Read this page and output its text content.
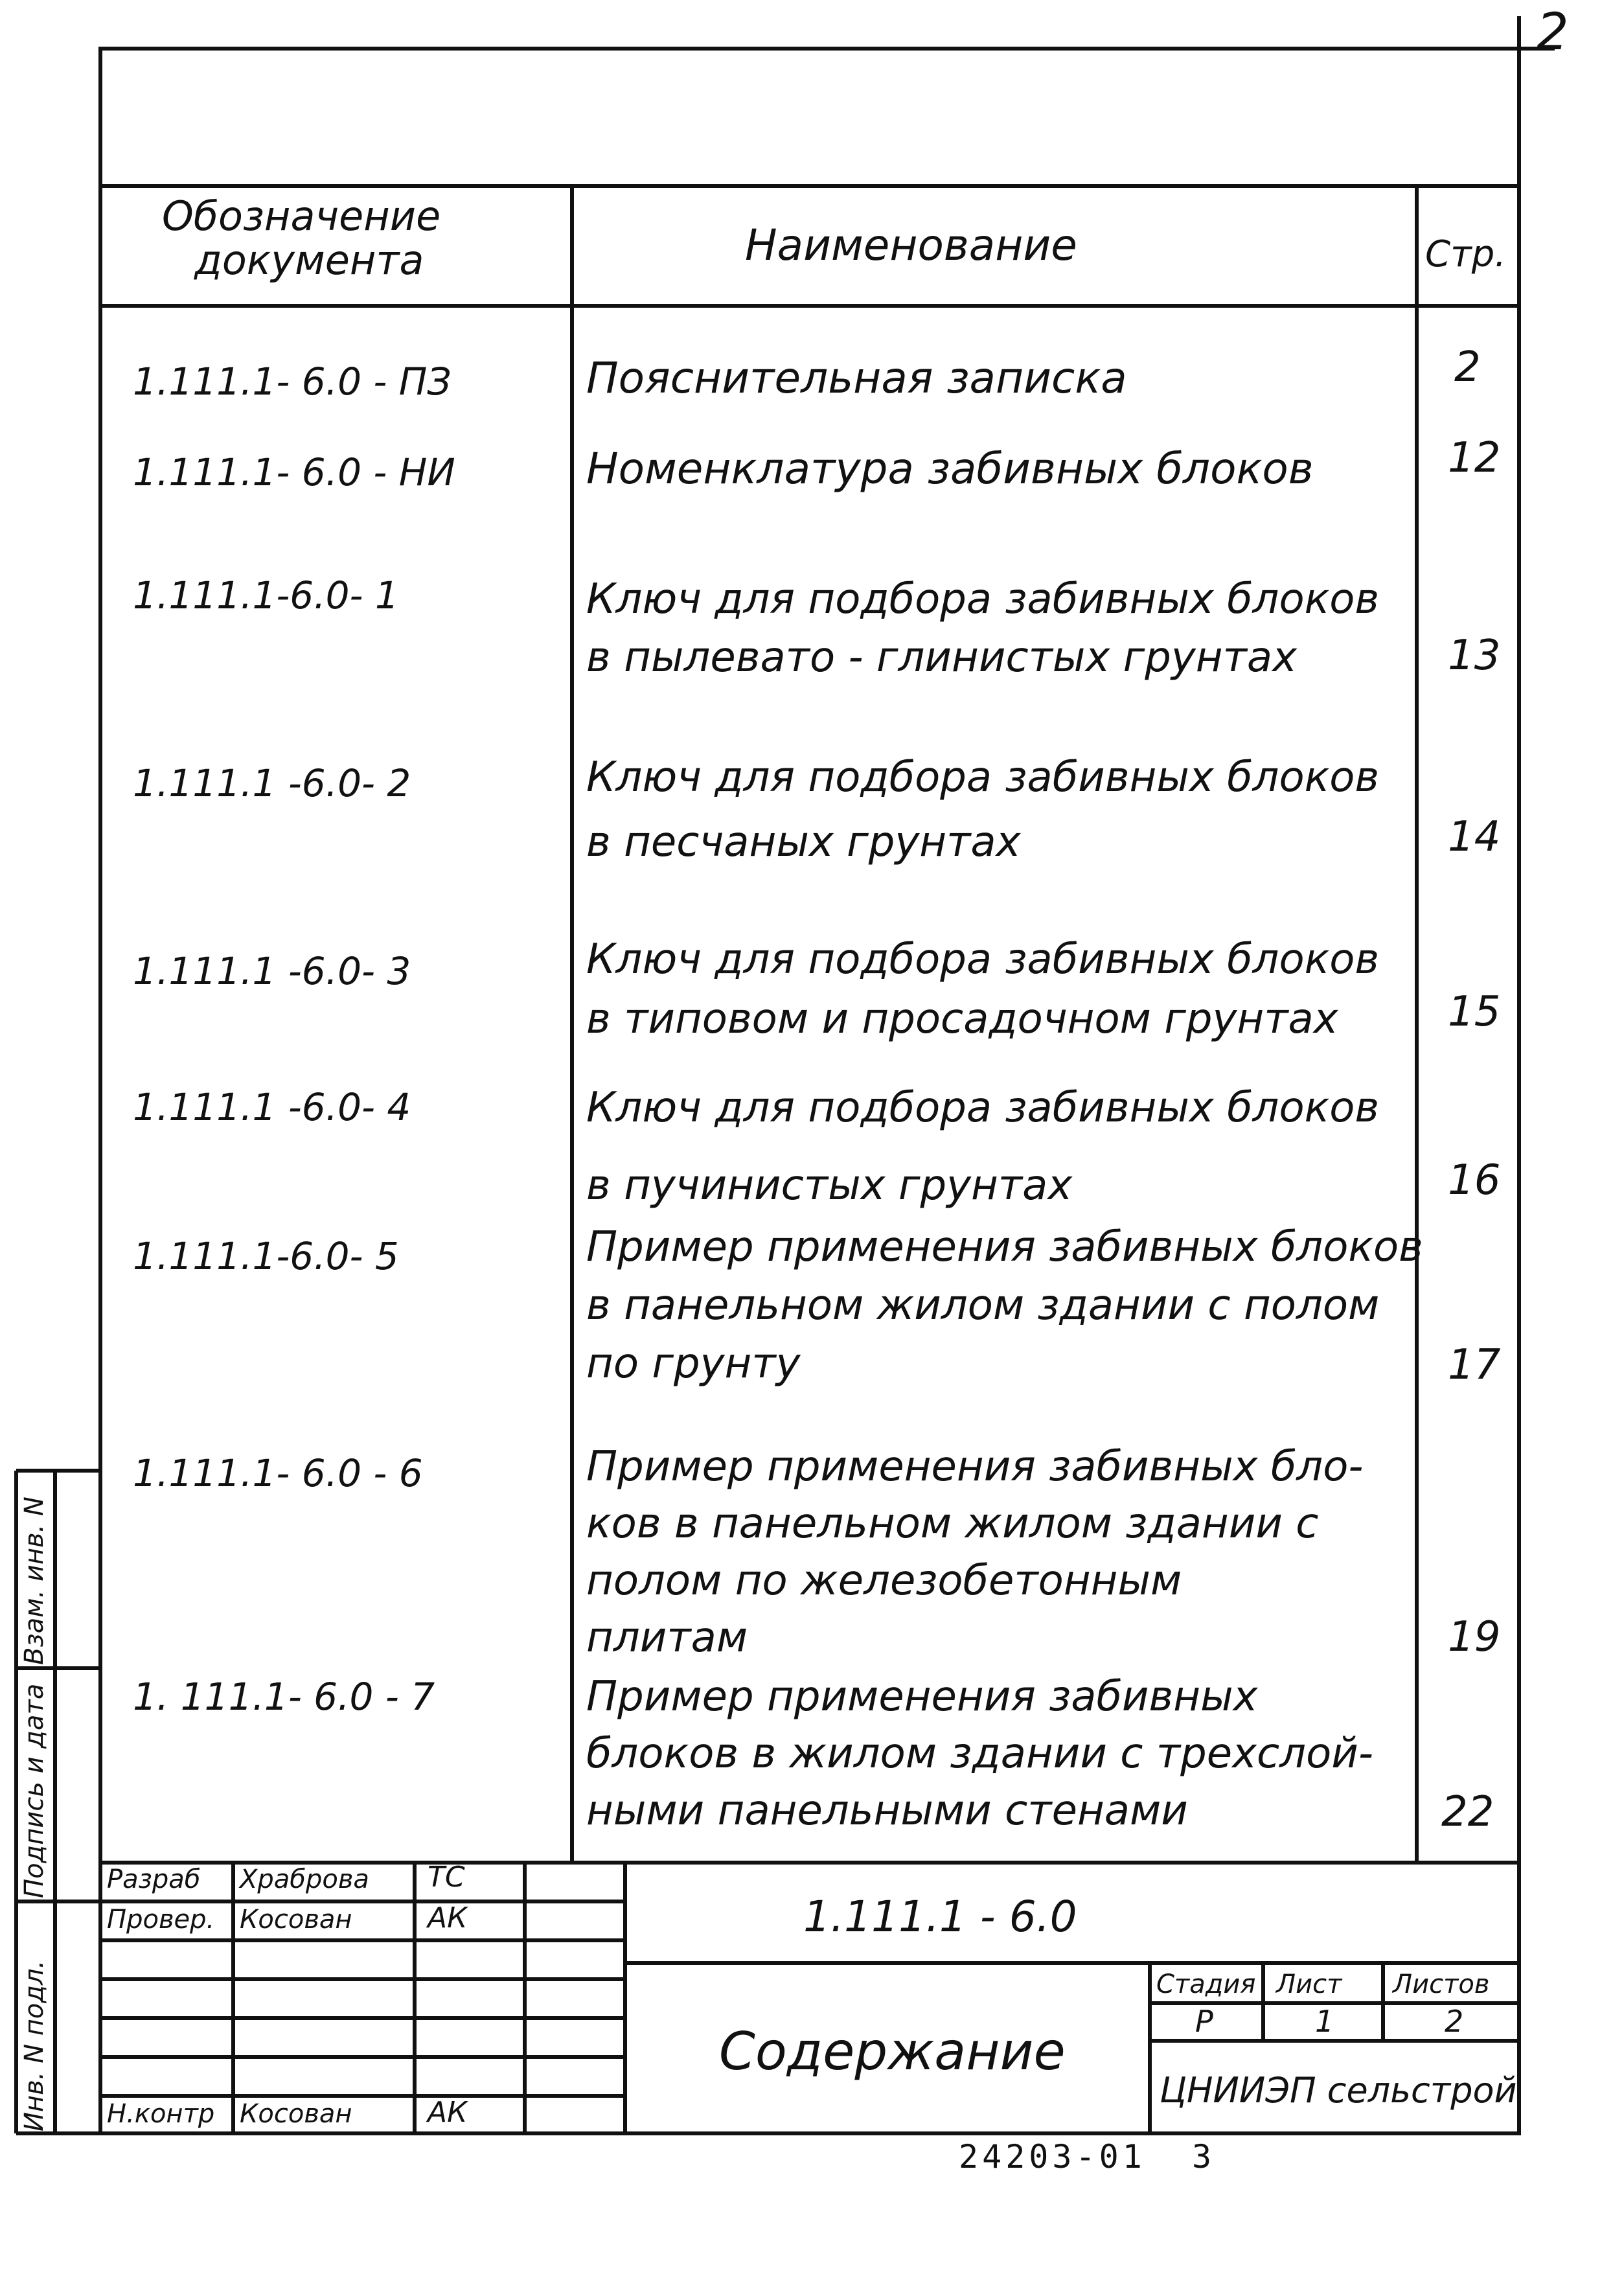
2
Обозначение
документа	Наименование	Стр.
1.111.1- 6.0 - ПЗ	Пояснительная записка	2
1.111.1- 6.0 - НИ	Номенклатура забивных блоков	12
1.111.1-6.0- 1	Ключ для подбора забивных блоков
в пылевато - глинистых грунтах	13
1.111.1 -6.0- 2	Ключ для подбора забивных блоков
в песчаных грунтах	14
1.111.1 -6.0- 3	Ключ для подбора забивных блоков
в типовом и просадочном грунтах	15
1.111.1 -6.0- 4	Ключ для подбора забивных блоков
в пучинистых грунтах	16
1.111.1-6.0- 5	Пример применения забивных блоков
в панельном жилом здании с полом
по грунту	17
1.111.1- 6.0 - 6	Пример применения забивных бло-
ков в панельном жилом здании с
полом по железобетонным
плитам	19
1. 111.1- 6.0 - 7	Пример применения забивных
блоков в жилом здании с трехслой-
ными панельными стенами	22
Разраб Храброва ТС
Провер. Косован	АК
Н.контр Косован	АК
1.111.1 - 6.0
Содержание
Стадия Лист Листов
Р	1	2
ЦНИИЭП сельстрой
Инв. N подл.
Подпись и дата
Взам. инв. N
24203-01 3
